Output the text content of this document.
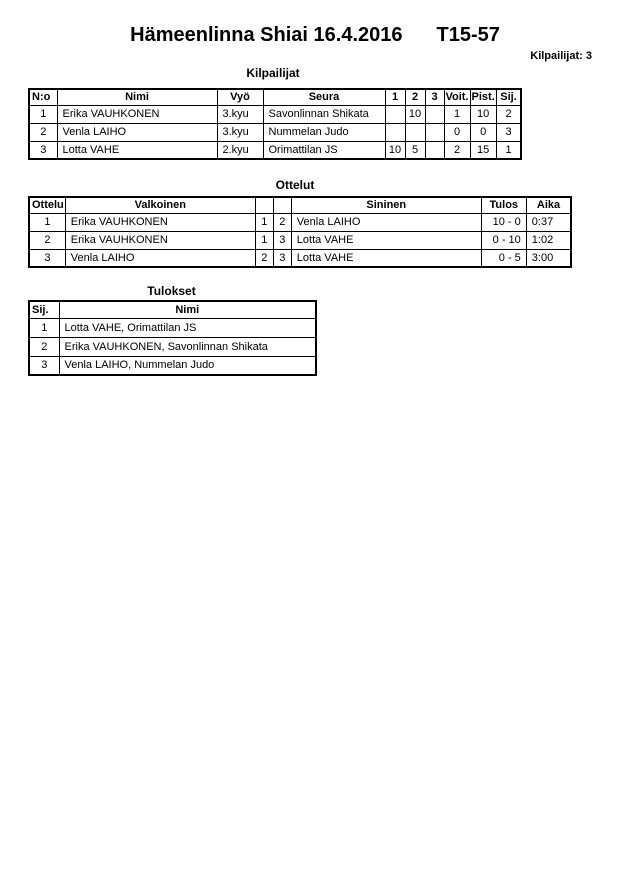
Hämeenlinna Shiai 16.4.2016 T15-57
Kilpailijat: 3
Kilpailijat
N:o	Nimi	Vyö	Seura	1	2	3	Voit.	Pist.	Sij.
1	Erika VAUHKONEN	3.kyu	Savonlinnan Shikata		10		1	10	2
2	Venla LAIHO	3.kyu	Nummelan Judo				0	0	3
3	Lotta VAHE	2.kyu	Orimattilan JS	10	5		2	15	1
Ottelut
Ottelu	Valkoinen			Sininen	Tulos	Aika
1	Erika VAUHKONEN	1	2	Venla LAIHO	10 - 0	0:37
2	Erika VAUHKONEN	1	3	Lotta VAHE	0 - 10	1:02
3	Venla LAIHO	2	3	Lotta VAHE	0 - 5	3:00
Tulokset
Sij.	Nimi
1	Lotta VAHE, Orimattilan JS
2	Erika VAUHKONEN, Savonlinnan Shikata
3	Venla LAIHO, Nummelan Judo
